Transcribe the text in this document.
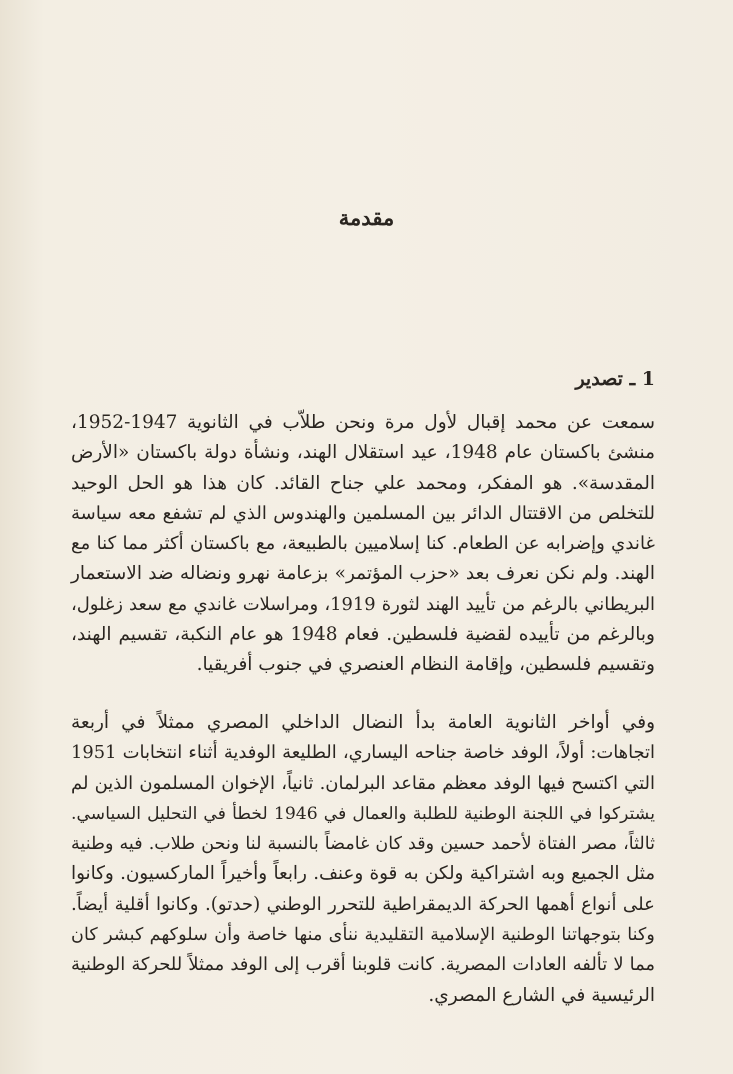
مقدمة
1 ـ تصدير

سمعت عن محمد إقبال لأول مرة ونحن طلاّب في الثانوية 1947-1952،
منشئ باكستان عام 1948، عيد استقلال الهند، ونشأة دولة باكستان «الأرض
المقدسة». هو المفكر، ومحمد علي جناح القائد. كان هذا هو الحل الوحيد
للتخلص من الاقتتال الدائر بين المسلمين والهندوس الذي لم تشفع معه سياسة
غاندي وإضرابه عن الطعام. كنا إسلاميين بالطبيعة، مع باكستان أكثر مما كنا مع
الهند. ولم نكن نعرف بعد «حزب المؤتمر» بزعامة نهرو ونضاله ضد الاستعمار
البريطاني بالرغم من تأييد الهند لثورة 1919، ومراسلات غاندي مع سعد زغلول،
وبالرغم من تأييده لقضية فلسطين. فعام 1948 هو عام النكبة، تقسيم الهند،
وتقسيم فلسطين، وإقامة النظام العنصري في جنوب أفريقيا.

وفي أواخر الثانوية العامة بدأ النضال الداخلي المصري ممثلاً في أربعة
اتجاهات: أولاً، الوفد خاصة جناحه اليساري، الطليعة الوفدية أثناء انتخابات 1951
التي اكتسح فيها الوفد معظم مقاعد البرلمان. ثانياً، الإخوان المسلمون الذين لم
يشتركوا في اللجنة الوطنية للطلبة والعمال في 1946 لخطأ في التحليل السياسي.
ثالثاً، مصر الفتاة لأحمد حسين وقد كان غامضاً بالنسبة لنا ونحن طلاب. فيه وطنية
مثل الجميع وبه اشتراكية ولكن به قوة وعنف. رابعاً وأخيراً الماركسيون. وكانوا
على أنواع أهمها الحركة الديمقراطية للتحرر الوطني (حدتو). وكانوا أقلية أيضاً.
وكنا بتوجهاتنا الوطنية الإسلامية التقليدية ننأى منها خاصة وأن سلوكهم كبشر كان
مما لا تألفه العادات المصرية. كانت قلوبنا أقرب إلى الوفد ممثلاً للحركة الوطنية
الرئيسية في الشارع المصري.
